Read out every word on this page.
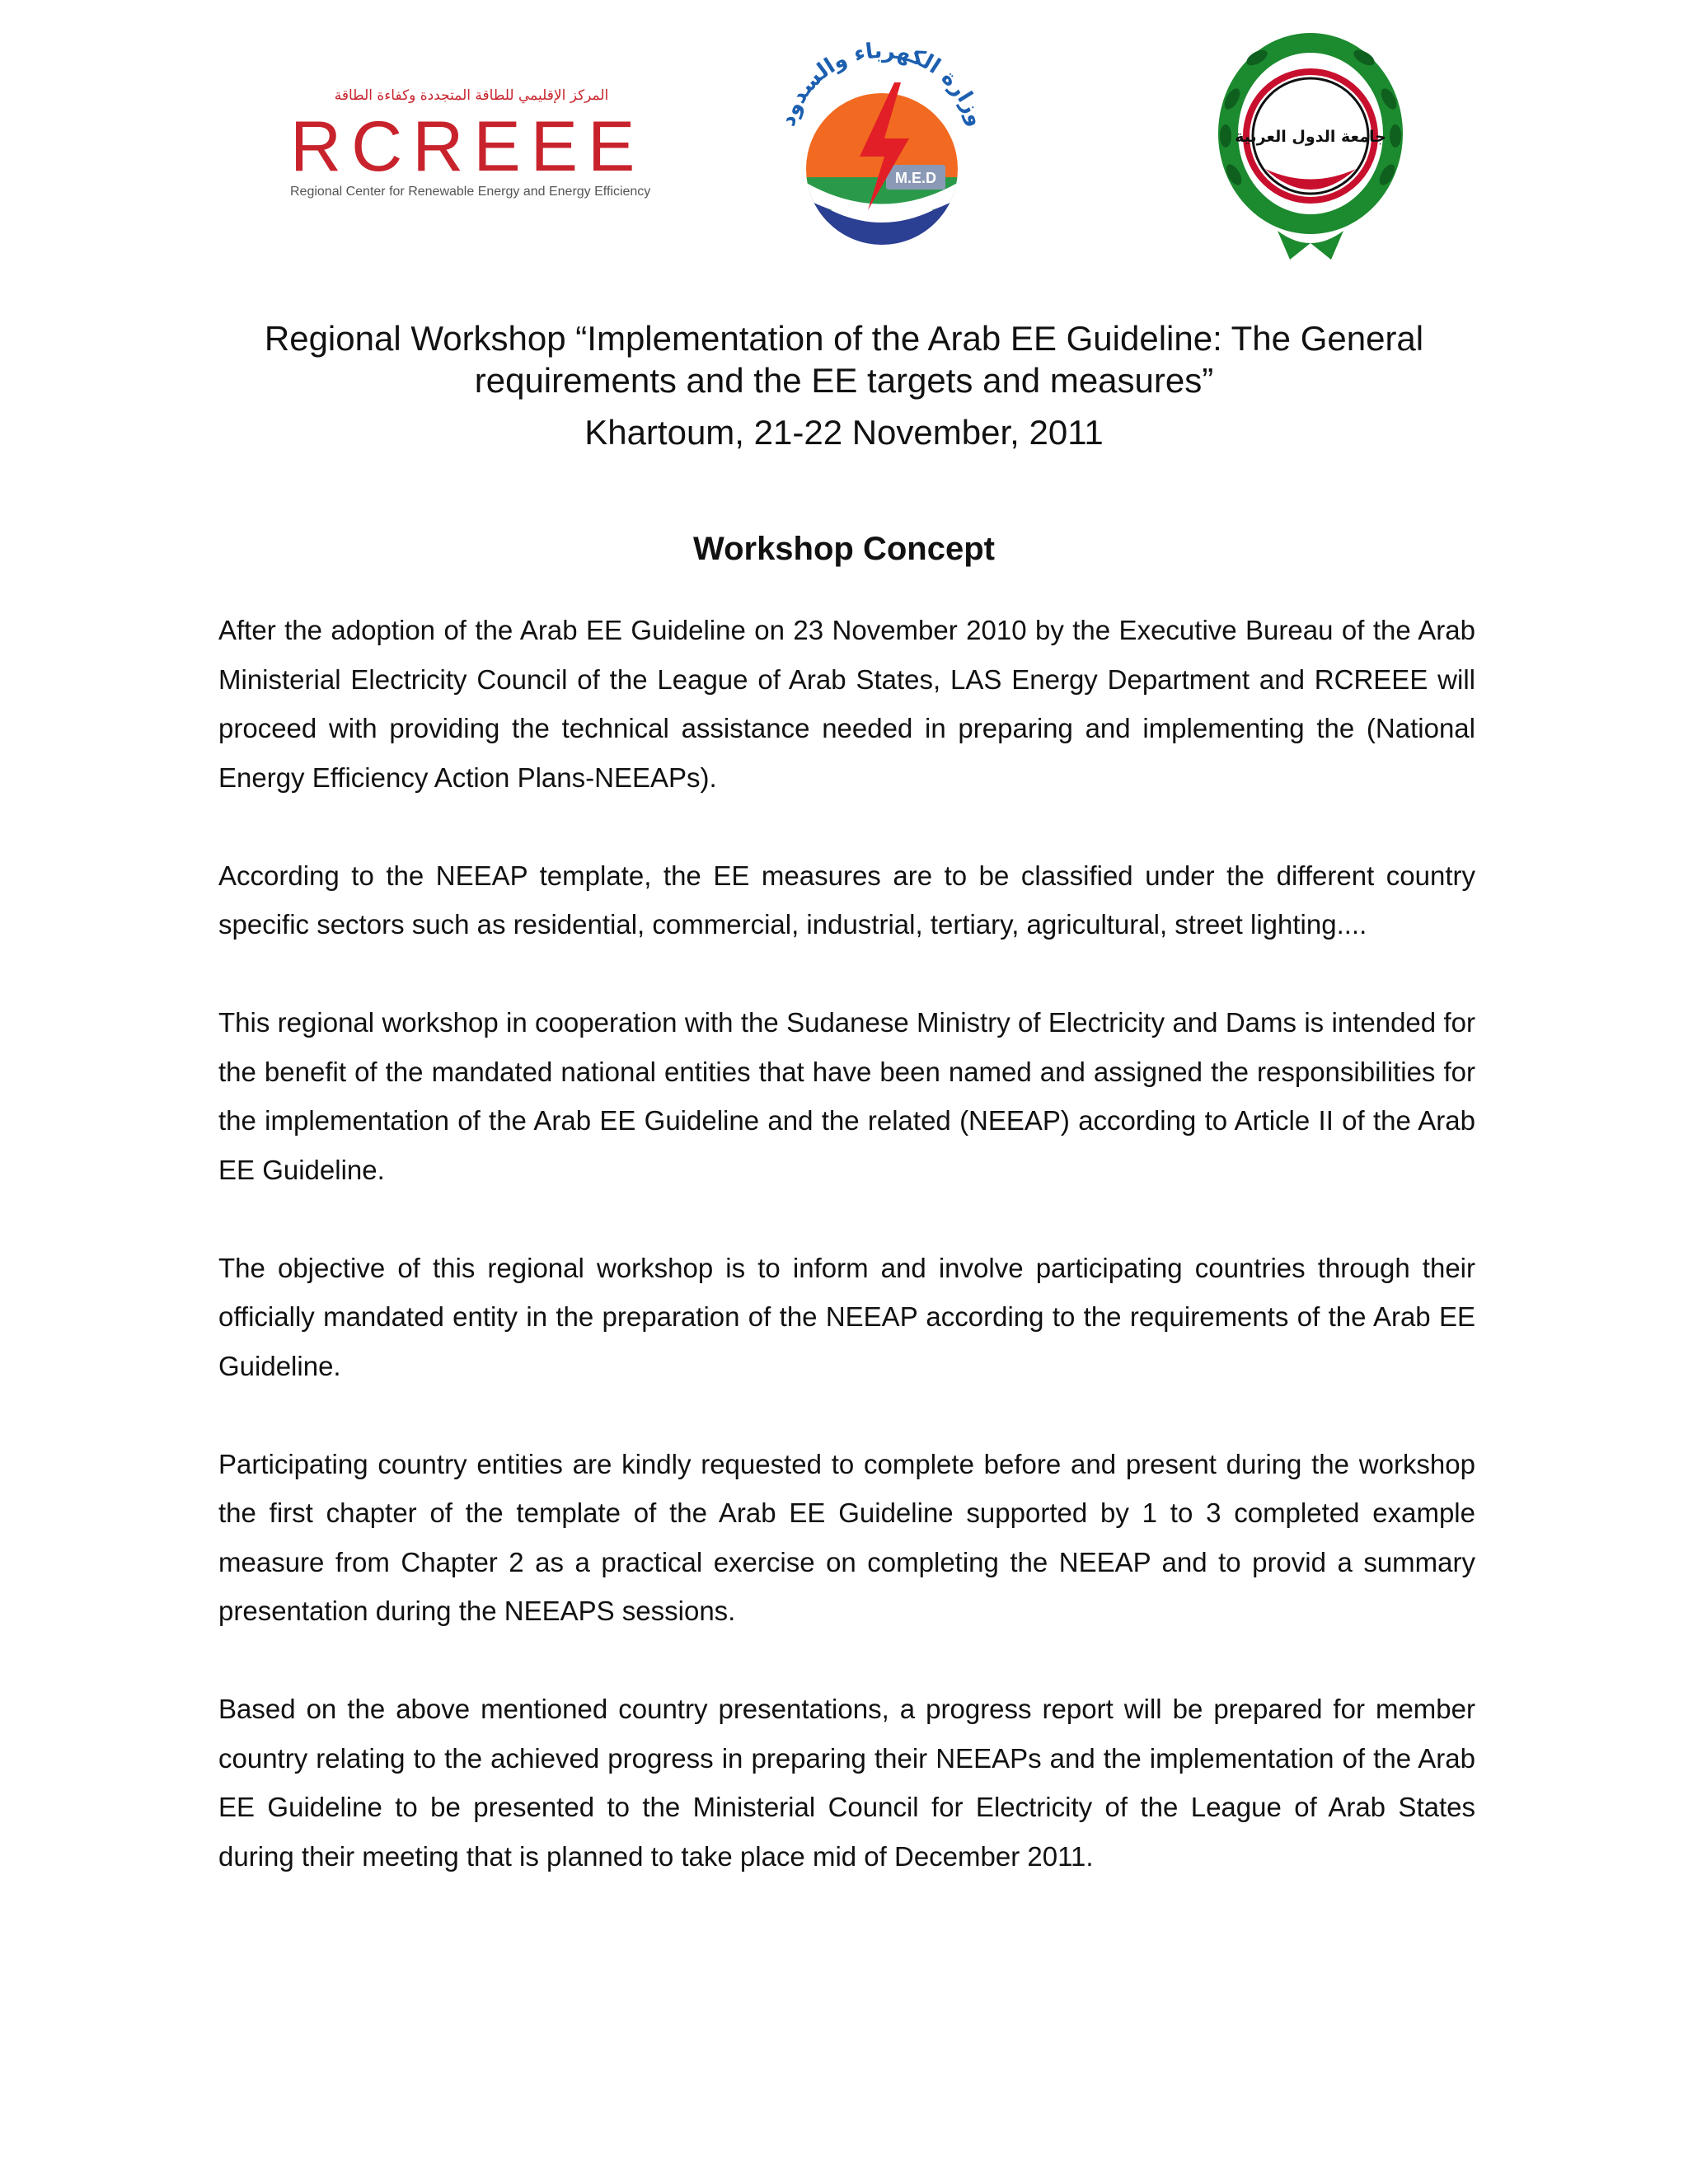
المركز الإقليمي للطاقة المتجددة وكفاءة الطاقة
RCREEE
Regional Center for Renewable Energy and Energy Efficiency
وزارة الكهرباء والسدود
M.E.D
جامعة الدول العربية
Regional Workshop “Implementation of the Arab EE Guideline: The General
requirements and the EE targets and measures”
Khartoum, 21-22 November, 2011
Workshop Concept

After the adoption of the Arab EE Guideline on 23 November 2010 by the Executive Bureau of the Arab Ministerial Electricity Council of the League of Arab States, LAS Energy Department and RCREEE will proceed with providing the technical assistance needed in preparing and implementing the (National Energy Efficiency Action Plans-NEEAPs).

According to the NEEAP template, the EE measures are to be classified under the different country specific sectors such as residential, commercial, industrial, tertiary, agricultural, street lighting....

This regional workshop in cooperation with the Sudanese Ministry of Electricity and Dams is intended for the benefit of the mandated national entities that have been named and assigned the responsibilities for the implementation of the Arab EE Guideline and the related (NEEAP) according to Article II of the Arab EE Guideline.

The objective of this regional workshop is to inform and involve participating countries through their officially mandated entity in the preparation of the NEEAP according to the requirements of the Arab EE Guideline.

Participating country entities are kindly requested to complete before and present during the workshop the first chapter of the template of the Arab EE Guideline supported by 1 to 3 completed example measure from Chapter 2 as a practical exercise on completing the NEEAP and to provid a summary presentation during the NEEAPS sessions.

Based on the above mentioned country presentations, a progress report will be prepared for member country relating to the achieved progress in preparing their NEEAPs and the implementation of the Arab EE Guideline to be presented to the Ministerial Council for Electricity of the League of Arab States during their meeting that is planned to take place mid of December 2011.
